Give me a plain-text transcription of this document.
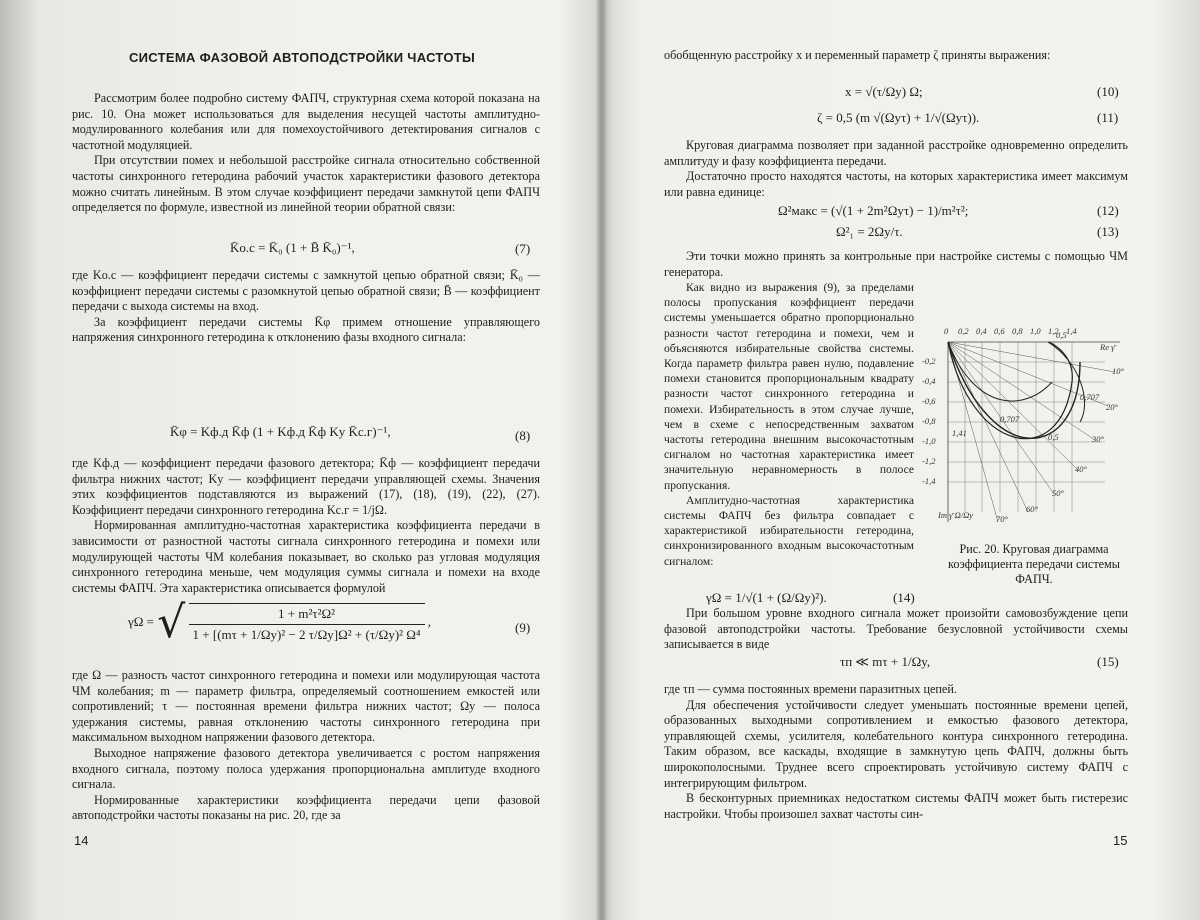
СИСТЕМА ФАЗОВОЙ АВТОПОДСТРОЙКИ ЧАСТОТЫ

Рассмотрим более подробно систему ФАПЧ, структурная схема которой показана на рис. 10. Она может использоваться для выделения несущей частоты амплитудно-модулированного колебания или для помехоустойчивого детектирования сигналов с частотной модуляцией.

При отсутствии помех и небольшой расстройке сигнала относительно собственной частоты синхронного гетеродина рабочий участок характеристики фазового детектора можно считать линейным. В этом случае коэффициент передачи замкнутой цепи ФАПЧ определяется по формуле, известной из линейной теории обратной связи:

K̄о.с = K̄₀ (1 + B̄ K̄₀)⁻¹,	(7)

где Kо.с — коэффициент передачи системы с замкнутой цепью обратной связи; K̄₀ — коэффициент передачи системы с разомкнутой цепью обратной связи; B̄ — коэффициент передачи с выхода системы на вход.

За коэффициент передачи системы K̄φ примем отношение управляющего напряжения синхронного гетеродина к отклонению фазы входного сигнала:

K̄φ = Kф.д K̄ф (1 + Kф.д K̄ф Ky K̄с.г)⁻¹,	(8)

где Kф.д — коэффициент передачи фазового детектора; K̄ф — коэффициент передачи фильтра нижних частот; Ky — коэффициент передачи управляющей схемы. Значения этих коэффициентов подставляются из выражений (17), (18), (19), (22), (27). Коэффициент передачи синхронного гетеродина Kс.г = 1/jΩ.

Нормированная амплитудно-частотная характеристика коэффициента передачи в зависимости от разностной частоты сигнала синхронного гетеродина и помехи или модулирующей частоты ЧМ колебания показывает, во сколько раз угловая модуляция синхронного гетеродина меньше, чем модуляция суммы сигнала и помехи на входе системы ФАПЧ. Эта характеристика описывается формулой

γΩ = √ $\frac{\text{1 + m²τ²Ω²}}{\text{1 + [(mτ + 1/Ωy)² − 2 τ/Ωy]Ω² + (τ/Ωy)² Ω⁴}}$ ,	(9)

где Ω — разность частот синхронного гетеродина и помехи или модулирующая частота ЧМ колебания; m — параметр фильтра, определяемый соотношением емкостей или сопротивлений; τ — постоянная времени фильтра нижних частот; Ωy — полоса удержания системы, равная отклонению частоты синхронного гетеродина при максимальном выходном напряжении фазового детектора.

Выходное напряжение фазового детектора увеличивается с ростом напряжения входного сигнала, поэтому полоса удержания пропорциональна амплитуде входного сигнала.

Нормированные характеристики коэффициента передачи цепи фазовой автоподстройки частоты показаны на рис. 20, где за

14

обобщенную расстройку x и переменный параметр ζ приняты выражения:

x = √(τ/Ωy) Ω;	(10)
ζ = 0,5 (m √(Ωyτ) + 1/√(Ωyτ)).	(11)

Круговая диаграмма позволяет при заданной расстройке одновременно определить амплитуду и фазу коэффициента передачи.

Достаточно просто находятся частоты, на которых характеристика имеет максимум или равна единице:

Ω²макс = (√(1 + 2m²Ωyτ) − 1)/m²τ²;	(12)
Ω²₁ = 2Ωy/τ.	(13)

Эти точки можно принять за контрольные при настройке системы с помощью ЧМ генератора.

Как видно из выражения (9), за пределами полосы пропускания коэффициент передачи системы уменьшается обратно пропорционально разности частот гетеродина и помехи, чем и объясняются избирательные свойства системы. Когда параметр фильтра равен нулю, подавление помехи становится пропорциональным квадрату разности частот синхронного гетеродина и помехи. Избирательность в этом случае лучше, чем в схеме с непосредственным захватом частоты гетеродина внешним высокочастотным сигналом но частотная характеристика имеет значительную неравномерность в полосе пропускания.

Амплитудно-частотная характеристика системы ФАПЧ без фильтра совпадает с характеристикой избирательности гетеродина, синхронизированного входным высокочастотным сигналом:

γΩ = 1/√(1 + (Ω/Ωy)²).	(14)
0 0,2 0,4 0,6 0,8 1,0 1,2 1,4
Re γ̄
-0,2
-0,4
-0,6
-0,8
-1,0
-1,2
-1,4
Im γ̄ Ω/Ωy
10°
20°
30°
40°
50°
60°
70°
0,707
0,707
0,5
1,41
0,5
Рис. 20. Круговая диаграмма коэффициента передачи системы ФАПЧ.

При большом уровне входного сигнала может произойти самовозбуждение цепи фазовой автоподстройки частоты. Требование безусловной устойчивости схемы записывается в виде

τп ≪ mτ + 1/Ωy,	(15)

где τп — сумма постоянных времени паразитных цепей.

Для обеспечения устойчивости следует уменьшать постоянные времени цепей, образованных выходными сопротивлением и емкостью фазового детектора, управляющей схемы, усилителя, колебательного контура синхронного гетеродина. Таким образом, все каскады, входящие в замкнутую цепь ФАПЧ, должны быть широкополосными. Труднее всего спроектировать устойчивую систему ФАПЧ с интегрирующим фильтром.

В бесконтурных приемниках недостатком системы ФАПЧ может быть гистерезис настройки. Чтобы произошел захват частоты син-

15
